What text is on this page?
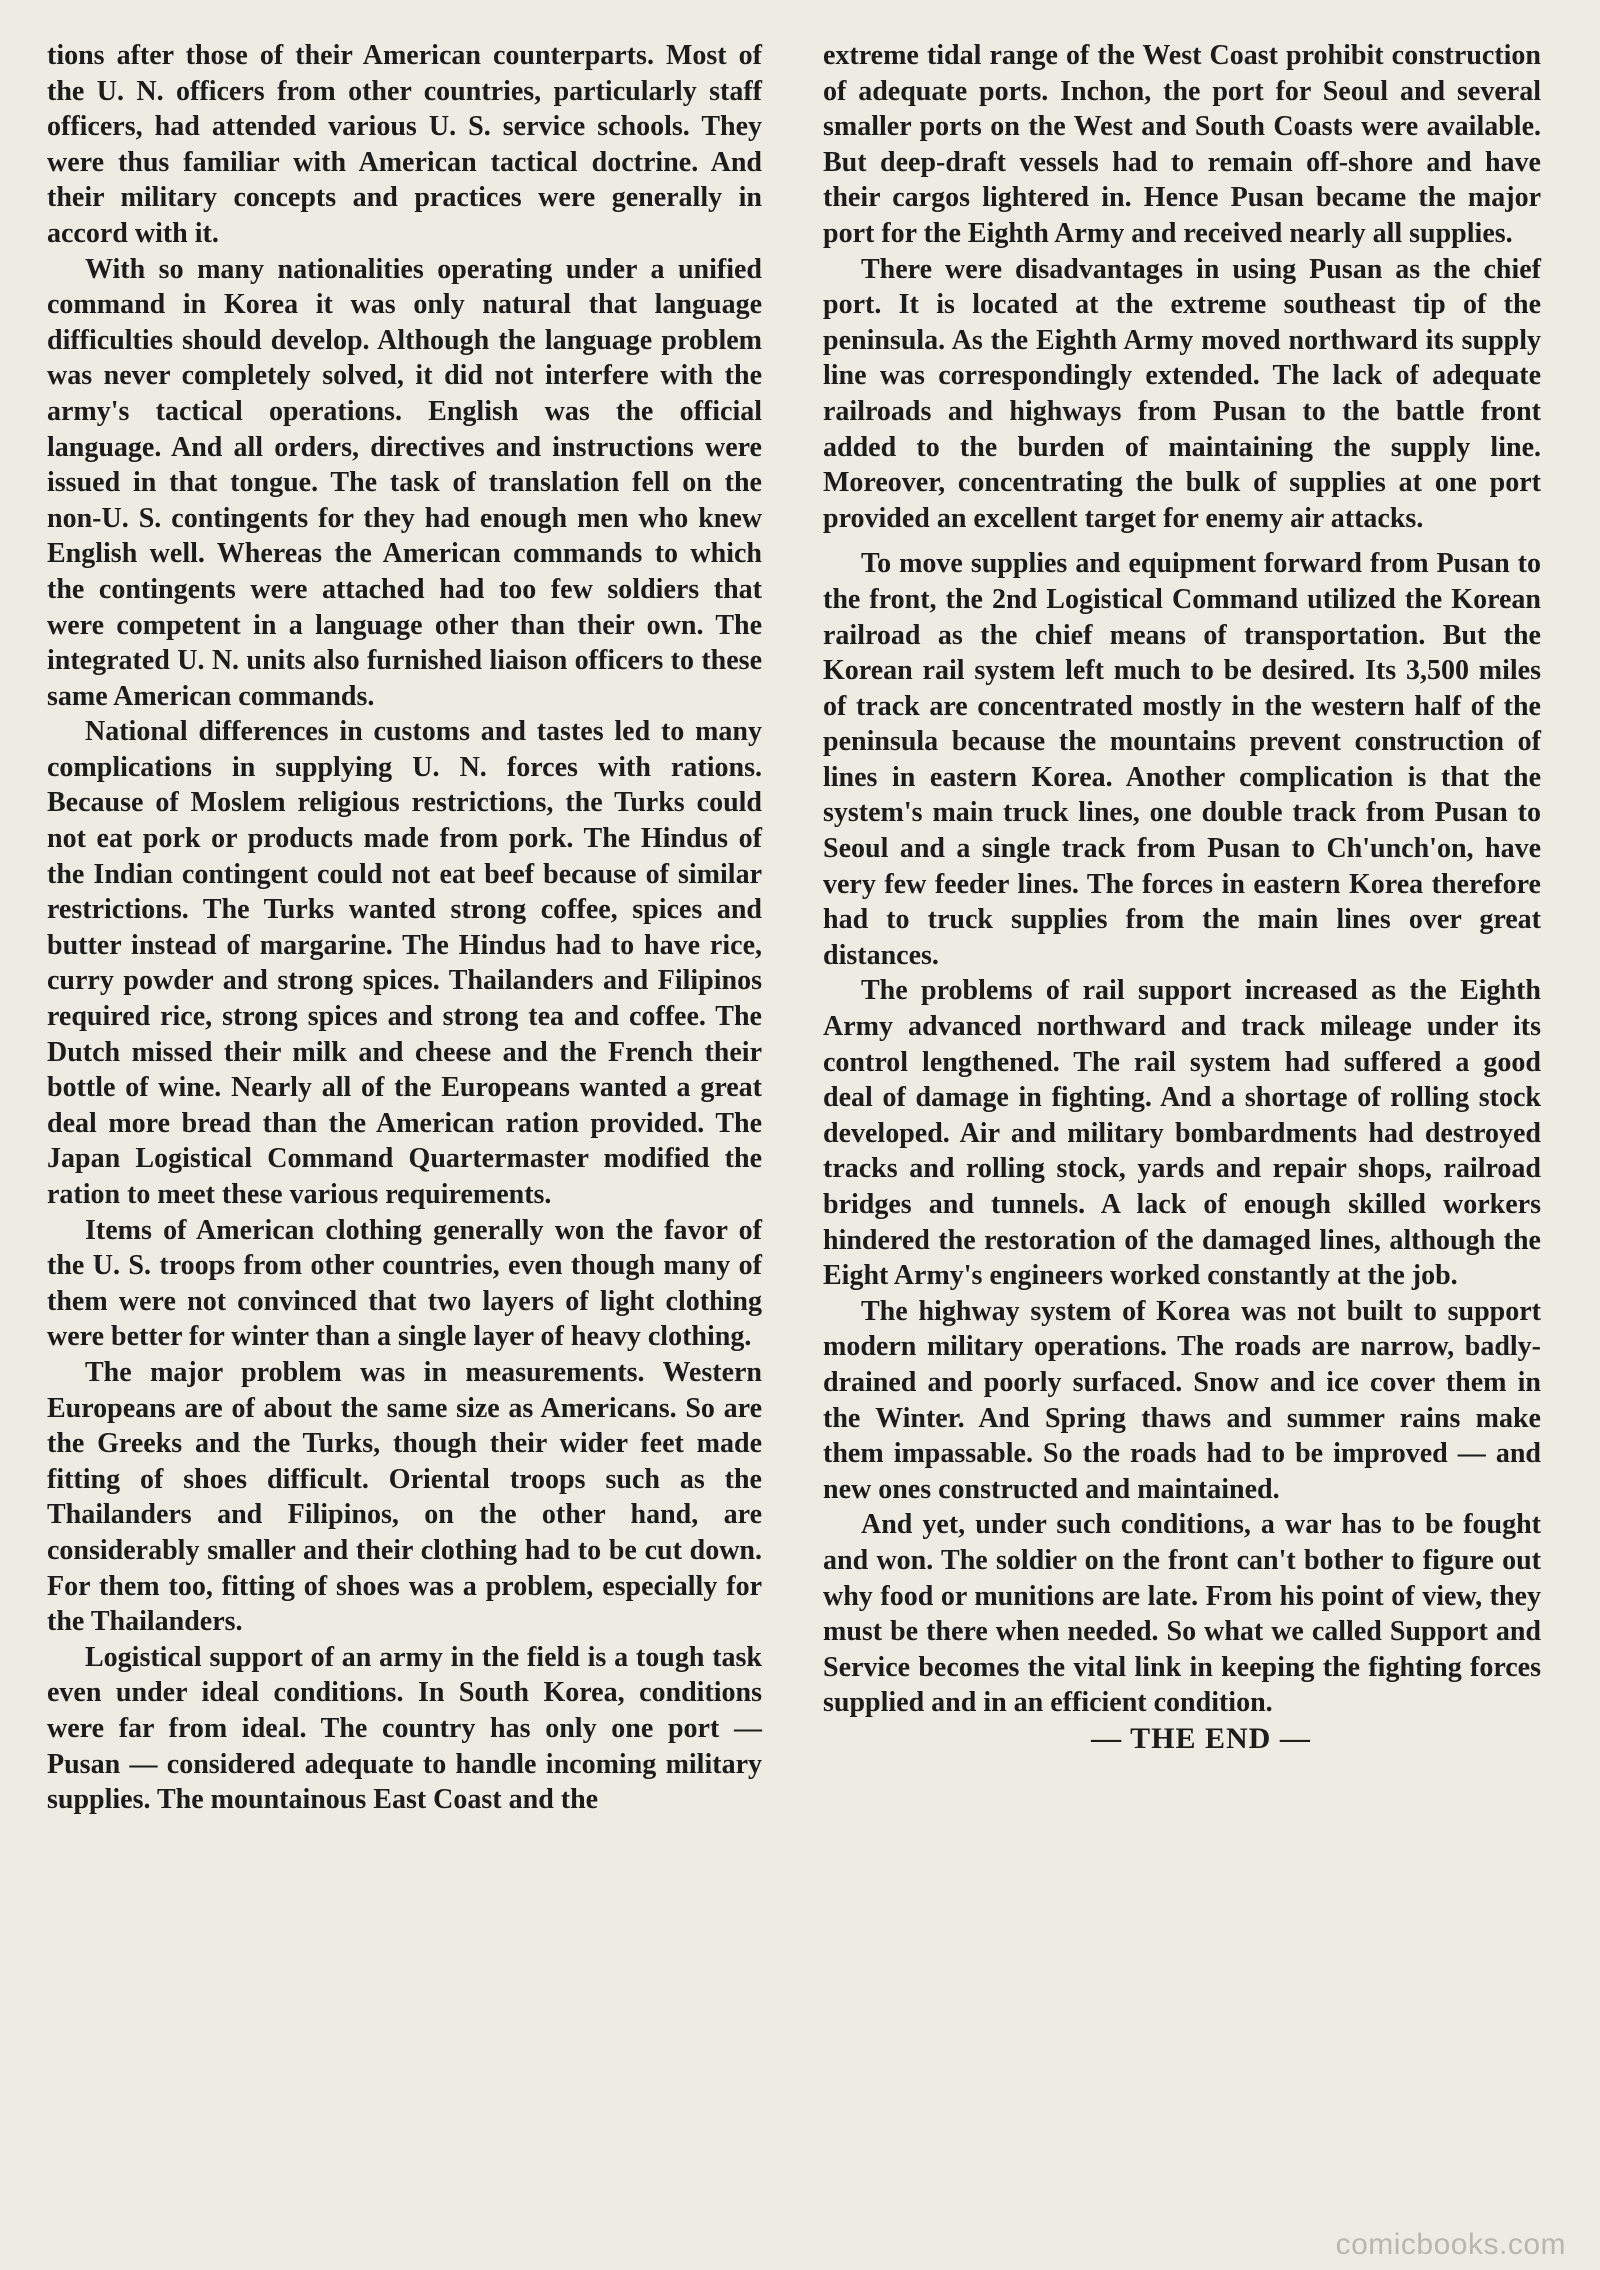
tions after those of their American counterparts. Most of the U. N. officers from other countries, particularly staff officers, had attended various U. S. service schools. They were thus familiar with American tactical doctrine. And their military concepts and practices were generally in accord with it.

With so many nationalities operating under a unified command in Korea it was only natural that language difficulties should develop. Although the language problem was never completely solved, it did not interfere with the army's tactical operations. English was the official language. And all orders, directives and instructions were issued in that tongue. The task of translation fell on the non-U. S. contingents for they had enough men who knew English well. Whereas the American commands to which the contingents were attached had too few soldiers that were competent in a language other than their own. The integrated U. N. units also furnished liaison officers to these same American commands.

National differences in customs and tastes led to many complications in supplying U. N. forces with rations. Because of Moslem religious restrictions, the Turks could not eat pork or products made from pork. The Hindus of the Indian contingent could not eat beef because of similar restrictions. The Turks wanted strong coffee, spices and butter instead of margarine. The Hindus had to have rice, curry powder and strong spices. Thailanders and Filipinos required rice, strong spices and strong tea and coffee. The Dutch missed their milk and cheese and the French their bottle of wine. Nearly all of the Europeans wanted a great deal more bread than the American ration provided. The Japan Logistical Command Quartermaster modified the ration to meet these various requirements.

Items of American clothing generally won the favor of the U. S. troops from other countries, even though many of them were not convinced that two layers of light clothing were better for winter than a single layer of heavy clothing.

The major problem was in measurements. Western Europeans are of about the same size as Americans. So are the Greeks and the Turks, though their wider feet made fitting of shoes difficult. Oriental troops such as the Thailanders and Filipinos, on the other hand, are considerably smaller and their clothing had to be cut down. For them too, fitting of shoes was a problem, especially for the Thailanders.

Logistical support of an army in the field is a tough task even under ideal conditions. In South Korea, conditions were far from ideal. The country has only one port — Pusan — considered adequate to handle incoming military supplies. The mountainous East Coast and the

extreme tidal range of the West Coast prohibit construction of adequate ports. Inchon, the port for Seoul and several smaller ports on the West and South Coasts were available. But deep-draft vessels had to remain off-shore and have their cargos lightered in. Hence Pusan became the major port for the Eighth Army and received nearly all supplies.

There were disadvantages in using Pusan as the chief port. It is located at the extreme southeast tip of the peninsula. As the Eighth Army moved northward its supply line was correspondingly extended. The lack of adequate railroads and highways from Pusan to the battle front added to the burden of maintaining the supply line. Moreover, concentrating the bulk of supplies at one port provided an excellent target for enemy air attacks.

To move supplies and equipment forward from Pusan to the front, the 2nd Logistical Command utilized the Korean railroad as the chief means of transportation. But the Korean rail system left much to be desired. Its 3,500 miles of track are concentrated mostly in the western half of the peninsula because the mountains prevent construction of lines in eastern Korea. Another complication is that the system's main truck lines, one double track from Pusan to Seoul and a single track from Pusan to Ch'unch'on, have very few feeder lines. The forces in eastern Korea therefore had to truck supplies from the main lines over great distances.

The problems of rail support increased as the Eighth Army advanced northward and track mileage under its control lengthened. The rail system had suffered a good deal of damage in fighting. And a shortage of rolling stock developed. Air and military bombardments had destroyed tracks and rolling stock, yards and repair shops, railroad bridges and tunnels. A lack of enough skilled workers hindered the restoration of the damaged lines, although the Eight Army's engineers worked constantly at the job.

The highway system of Korea was not built to support modern military operations. The roads are narrow, badly-drained and poorly surfaced. Snow and ice cover them in the Winter. And Spring thaws and summer rains make them impassable. So the roads had to be improved — and new ones constructed and maintained.

And yet, under such conditions, a war has to be fought and won. The soldier on the front can't bother to figure out why food or munitions are late. From his point of view, they must be there when needed. So what we called Support and Service becomes the vital link in keeping the fighting forces supplied and in an efficient condition.

— THE END —

comicbooks.com
